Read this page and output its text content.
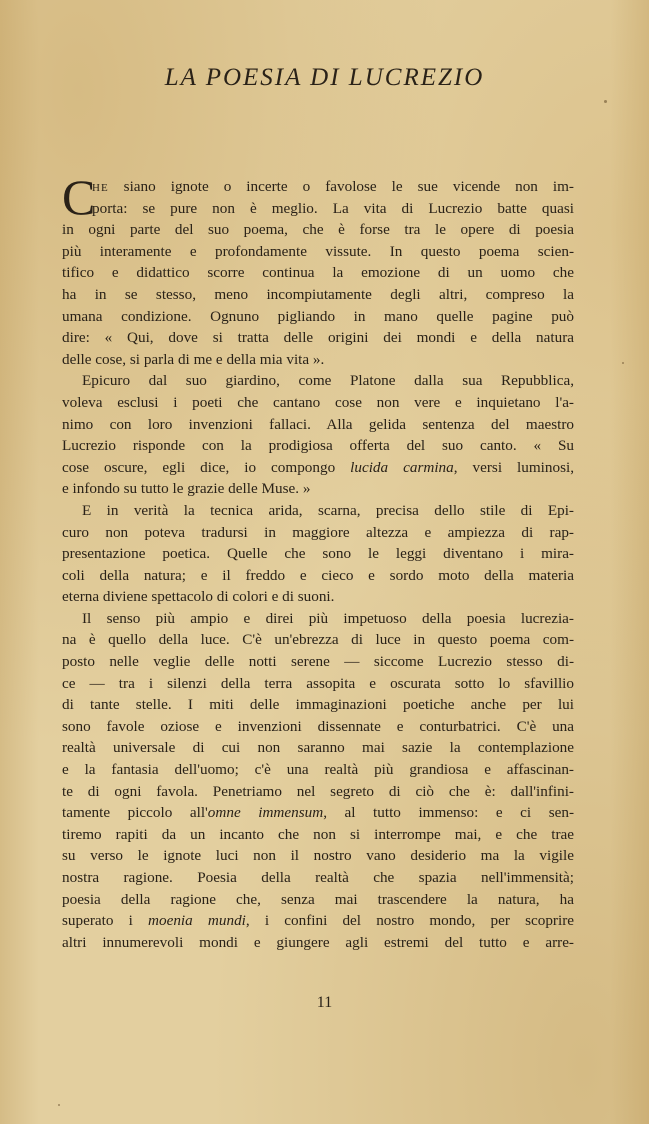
LA POESIA DI LUCREZIO
C
HE siano ignote o incerte o favolose le sue vicende non im-
porta: se pure non è meglio. La vita di Lucrezio batte quasi
in ogni parte del suo poema, che è forse tra le opere di poesia
più interamente e profondamente vissute. In questo poema scien-
tifico e didattico scorre continua la emozione di un uomo che
ha in se stesso, meno incompiutamente degli altri, compreso la
umana condizione. Ognuno pigliando in mano quelle pagine può
dire: « Qui, dove si tratta delle origini dei mondi e della natura
delle cose, si parla di me e della mia vita ».
Epicuro dal suo giardino, come Platone dalla sua Repubblica,
voleva esclusi i poeti che cantano cose non vere e inquietano l'a-
nimo con loro invenzioni fallaci. Alla gelida sentenza del maestro
Lucrezio risponde con la prodigiosa offerta del suo canto. « Su
cose oscure, egli dice, io compongo lucida carmina, versi luminosi,
e infondo su tutto le grazie delle Muse. »
E in verità la tecnica arida, scarna, precisa dello stile di Epi-
curo non poteva tradursi in maggiore altezza e ampiezza di rap-
presentazione poetica. Quelle che sono le leggi diventano i mira-
coli della natura; e il freddo e cieco e sordo moto della materia
eterna diviene spettacolo di colori e di suoni.
Il senso più ampio e direi più impetuoso della poesia lucrezia-
na è quello della luce. C'è un'ebrezza di luce in questo poema com-
posto nelle veglie delle notti serene — siccome Lucrezio stesso di-
ce — tra i silenzi della terra assopita e oscurata sotto lo sfavillio
di tante stelle. I miti delle immaginazioni poetiche anche per lui
sono favole oziose e invenzioni dissennate e conturbatrici. C'è una
realtà universale di cui non saranno mai sazie la contemplazione
e la fantasia dell'uomo; c'è una realtà più grandiosa e affascinan-
te di ogni favola. Penetriamo nel segreto di ciò che è: dall'infini-
tamente piccolo all'omne immensum, al tutto immenso: e ci sen-
tiremo rapiti da un incanto che non si interrompe mai, e che trae
su verso le ignote luci non il nostro vano desiderio ma la vigile
nostra ragione. Poesia della realtà che spazia nell'immensità;
poesia della ragione che, senza mai trascendere la natura, ha
superato i moenia mundi, i confini del nostro mondo, per scoprire
altri innumerevoli mondi e giungere agli estremi del tutto e arre-
11
